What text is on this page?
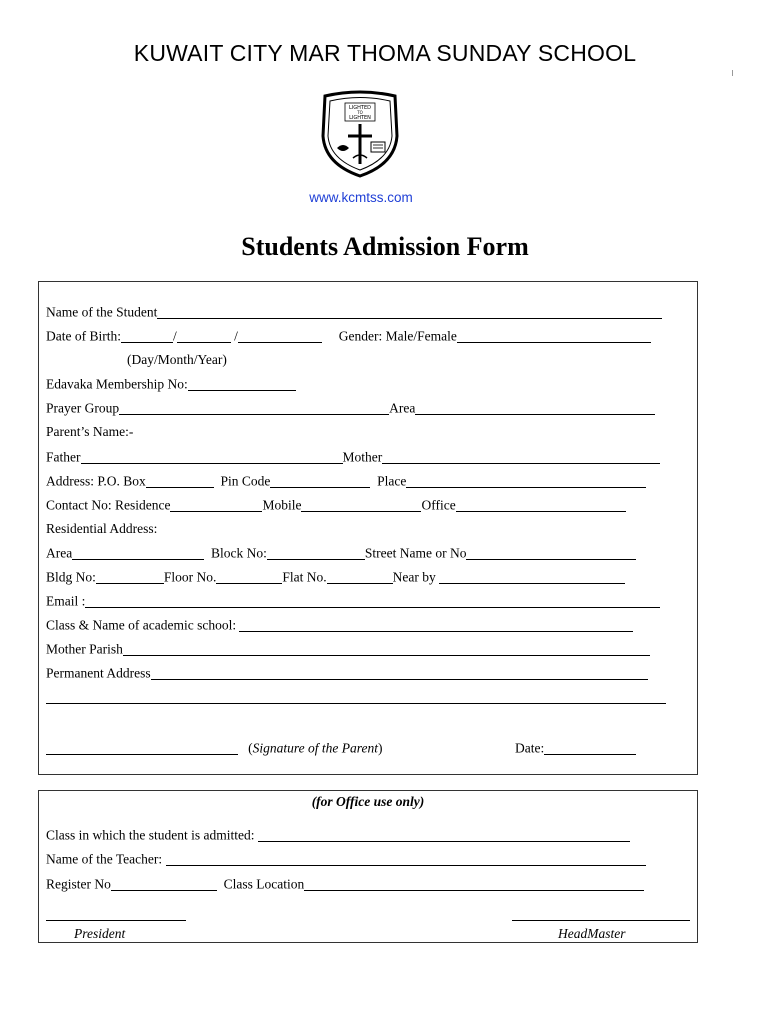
KUWAIT CITY MAR THOMA SUNDAY SCHOOL
LIGHTED
TO
LIGHTEN
www.kcmtss.com
Students Admission Form
Name of the Student
Date of Birth:	/	/	Gender: Male/Female
(Day/Month/Year)
Edavaka Membership No:
Prayer Group	Area
Parent’s Name:-
Father	Mother
Address: P.O. Box	Pin Code	Place
Contact No: Residence	Mobile	Office
Residential Address:
Area	Block No:	Street Name or No
Bldg No:	Floor No.	Flat No.	Near by
Email :
Class & Name of academic school:
Mother Parish
Permanent Address
(Signature of the Parent)	Date:
(for Office use only)
Class in which the student is admitted:
Name of the Teacher:
Register No	Class Location
President	HeadMaster
